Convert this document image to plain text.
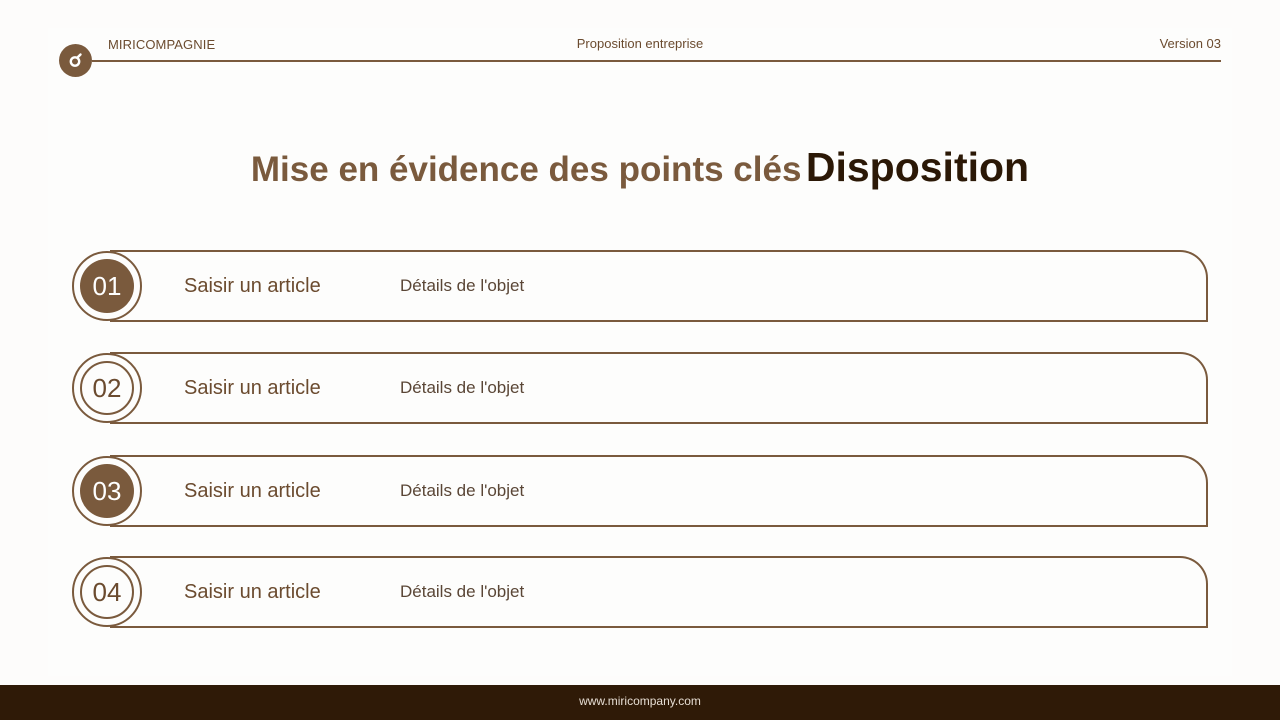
MIRICOMPAGNIE	Proposition entreprise	Version 03
Mise en évidence des points clés Disposition
01	Saisir un article	Détails de l'objet
02	Saisir un article	Détails de l'objet
03	Saisir un article	Détails de l'objet
04	Saisir un article	Détails de l'objet
www.miricompany.com
